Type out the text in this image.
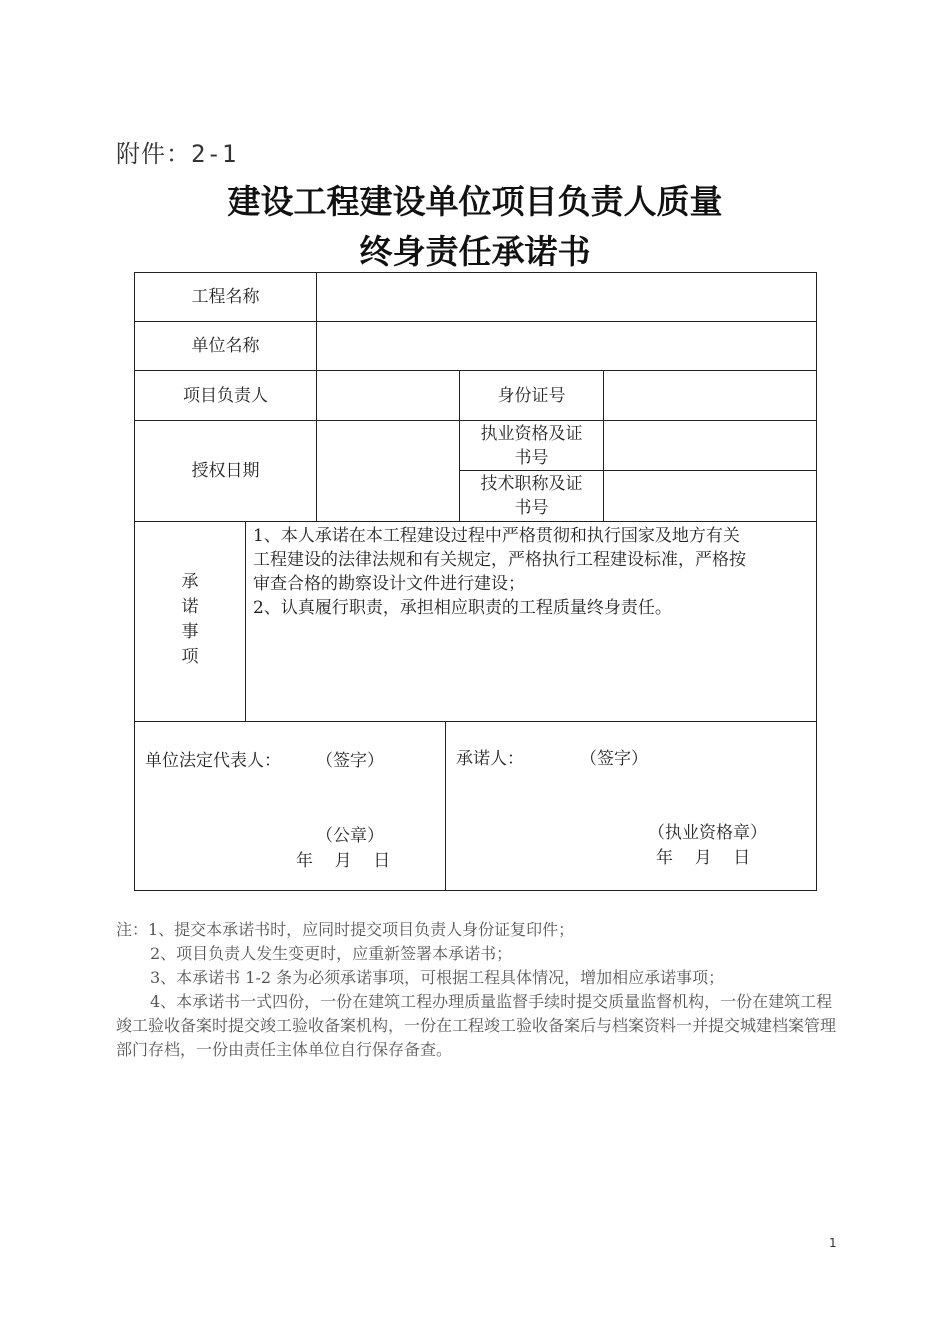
附件：2-1
建设工程建设单位项目负责人质量
终身责任承诺书
工程名称
单位名称
项目负责人	身份证号
授权日期
执业资格及证
书号
技术职称及证
书号
承
诺
事
项
1、本人承诺在本工程建设过程中严格贯彻和执行国家及地方有关
工程建设的法律法规和有关规定，严格执行工程建设标准，严格按
审查合格的勘察设计文件进行建设；
2、认真履行职责，承担相应职责的工程质量终身责任。
单位法定代表人： （签字）
（公章）
年    月    日
承诺人：	（签字）
（执业资格章）
年    月    日

注：1、提交本承诺书时，应同时提交项目负责人身份证复印件；

2、项目负责人发生变更时，应重新签署本承诺书；

3、本承诺书 1-2 条为必须承诺事项，可根据工程具体情况，增加相应承诺事项；

4、本承诺书一式四份，一份在建筑工程办理质量监督手续时提交质量监督机构，一份在建筑工程竣工验收备案时提交竣工验收备案机构，一份在工程竣工验收备案后与档案资料一并提交城建档案管理部门存档，一份由责任主体单位自行保存备查。

1
